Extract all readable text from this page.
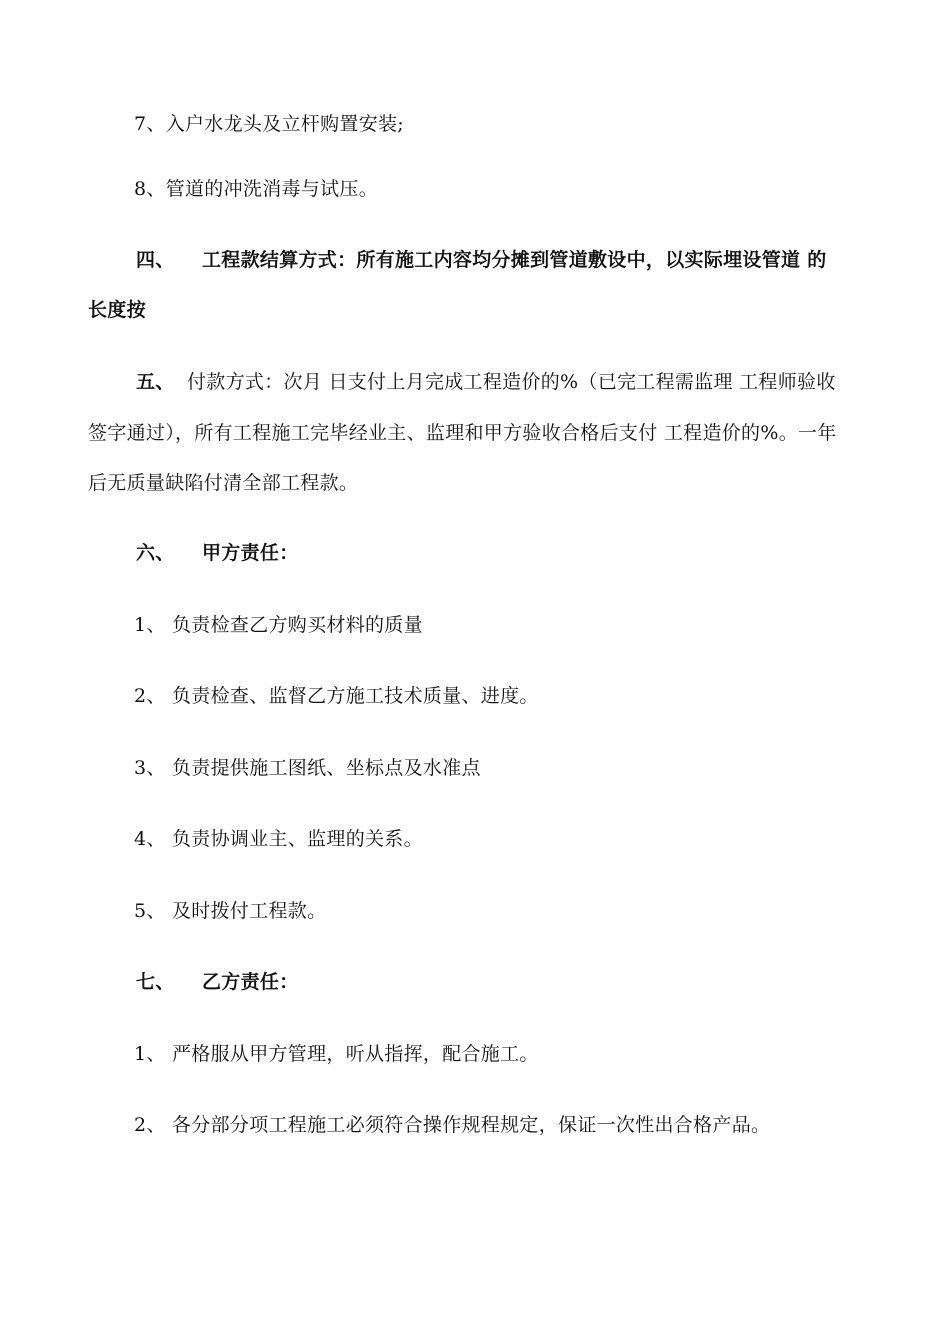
7、入户水龙头及立杆购置安装;
8、管道的冲洗消毒与试压。
四、 工程款结算方式：所有施工内容均分摊到管道敷设中，以实际埋设管道 的
长度按
五、 付款方式：次月 日支付上月完成工程造价的%（已完工程需监理 工程师验收
签字通过），所有工程施工完毕经业主、监理和甲方验收合格后支付 工程造价的%。一年
后无质量缺陷付清全部工程款。
六、 甲方责任：
1、 负责检查乙方购买材料的质量
2、 负责检查、监督乙方施工技术质量、进度。
3、 负责提供施工图纸、坐标点及水准点
4、 负责协调业主、监理的关系。
5、 及时拨付工程款。
七、 乙方责任：
1、 严格服从甲方管理，听从指挥，配合施工。
2、 各分部分项工程施工必须符合操作规程规定，保证一次性出合格产品。
